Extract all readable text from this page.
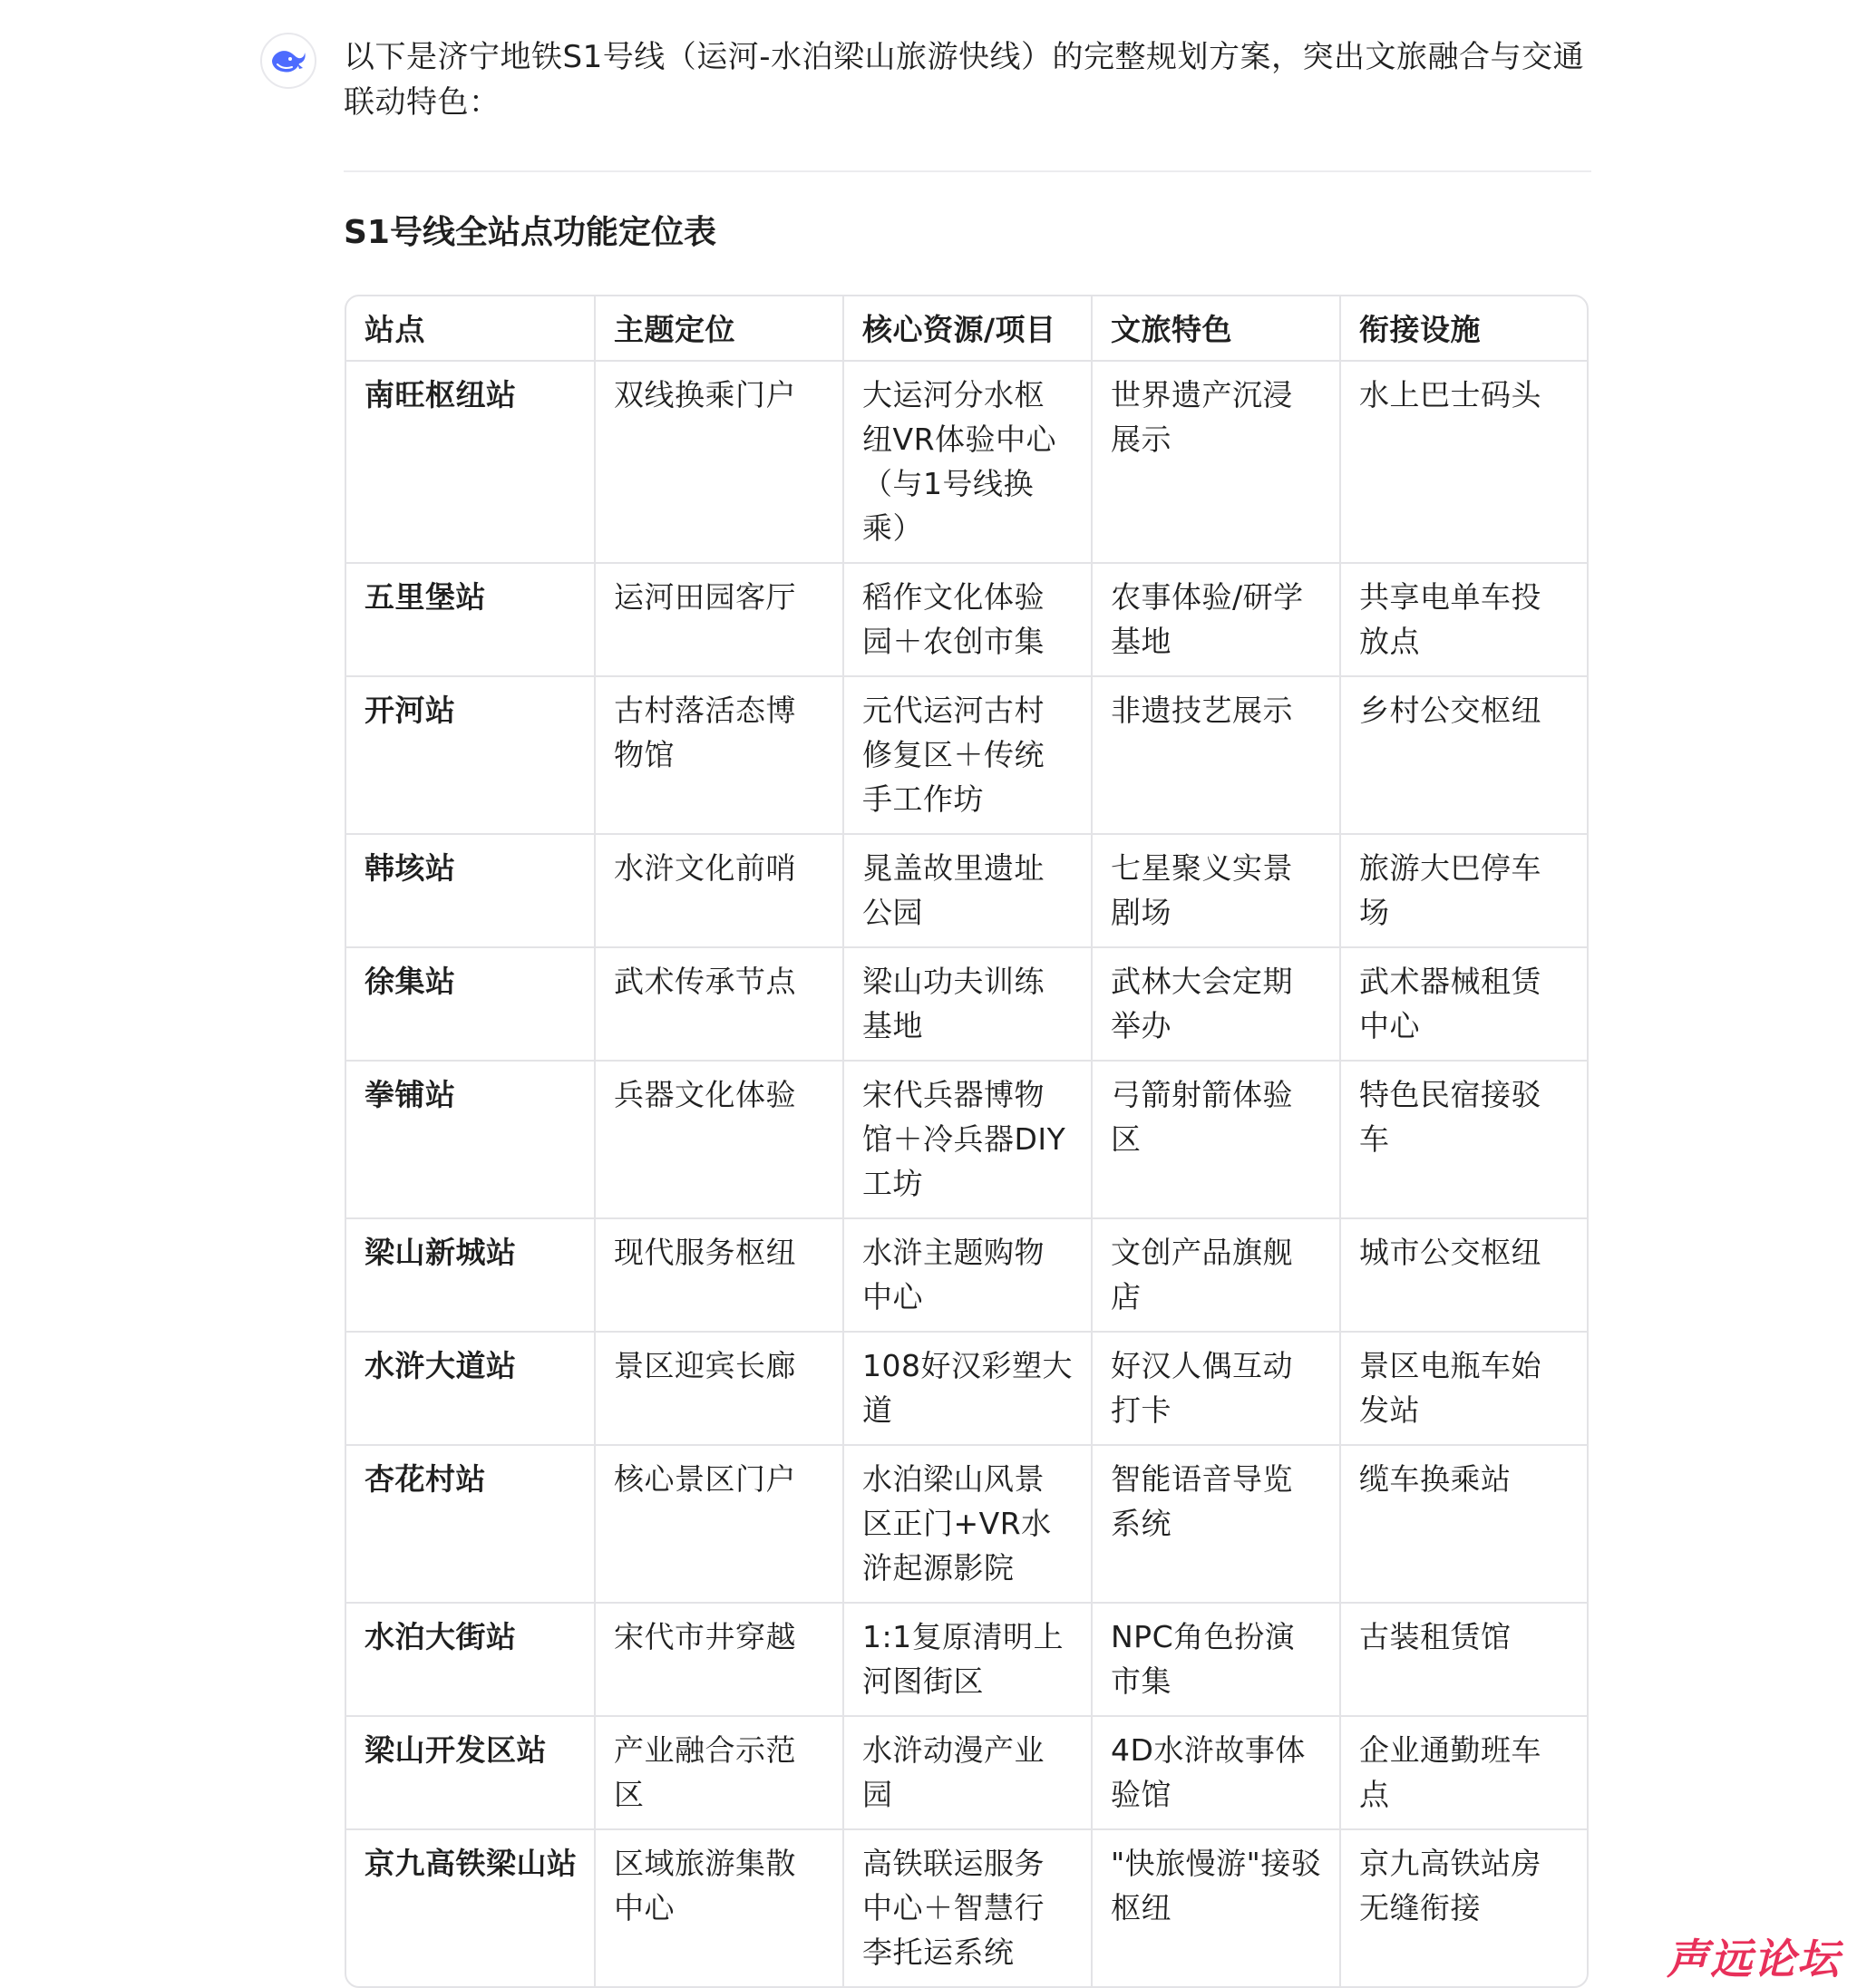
以下是济宁地铁S1号线（运河-水泊梁山旅游快线）的完整规划方案，突出文旅融合与交通联动特色：
S1号线全站点功能定位表
站点	主题定位	核心资源/项目	文旅特色	衔接设施
南旺枢纽站	双线换乘门户	大运河分水枢纽VR体验中心（与1号线换乘）	世界遗产沉浸展示	水上巴士码头
五里堡站	运河田园客厅	稻作文化体验园＋农创市集	农事体验/研学基地	共享电单车投放点
开河站	古村落活态博物馆	元代运河古村修复区＋传统手工作坊	非遗技艺展示	乡村公交枢纽
韩垓站	水浒文化前哨	晁盖故里遗址公园	七星聚义实景剧场	旅游大巴停车场
徐集站	武术传承节点	梁山功夫训练基地	武林大会定期举办	武术器械租赁中心
拳铺站	兵器文化体验	宋代兵器博物馆＋冷兵器DIY工坊	弓箭射箭体验区	特色民宿接驳车
梁山新城站	现代服务枢纽	水浒主题购物中心	文创产品旗舰店	城市公交枢纽
水浒大道站	景区迎宾长廊	108好汉彩塑大道	好汉人偶互动打卡	景区电瓶车始发站
杏花村站	核心景区门户	水泊梁山风景区正门+VR水浒起源影院	智能语音导览系统	缆车换乘站
水泊大街站	宋代市井穿越	1:1复原清明上河图街区	NPC角色扮演市集	古装租赁馆
梁山开发区站	产业融合示范区	水浒动漫产业园	4D水浒故事体验馆	企业通勤班车点
京九高铁梁山站	区域旅游集散中心	高铁联运服务中心＋智慧行李托运系统	"快旅慢游"接驳枢纽	京九高铁站房无缝衔接
声远论坛
